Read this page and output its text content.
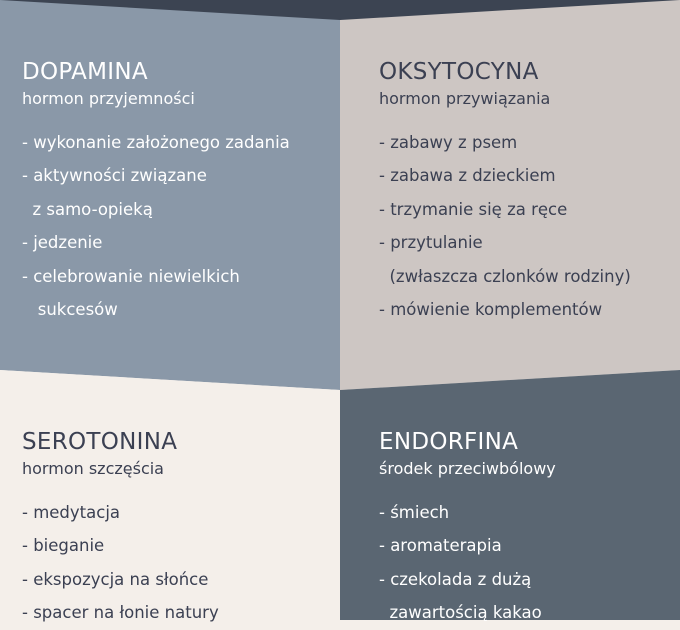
DOPAMINA
hormon przyjemności
- wykonanie założonego zadania
- aktywności związane
z samo-opieką
- jedzenie
- celebrowanie niewielkich
sukcesów
OKSYTOCYNA
hormon przywiązania
- zabawy z psem
- zabawa z dzieckiem
- trzymanie się za ręce
- przytulanie
(zwłaszcza czlonków rodziny)
- mówienie komplementów
SEROTONINA
hormon szczęścia
- medytacja
- bieganie
- ekspozycja na słońce
- spacer na łonie natury
ENDORFINA
środek przeciwbólowy
- śmiech
- aromaterapia
- czekolada z dużą
zawartością kakao
